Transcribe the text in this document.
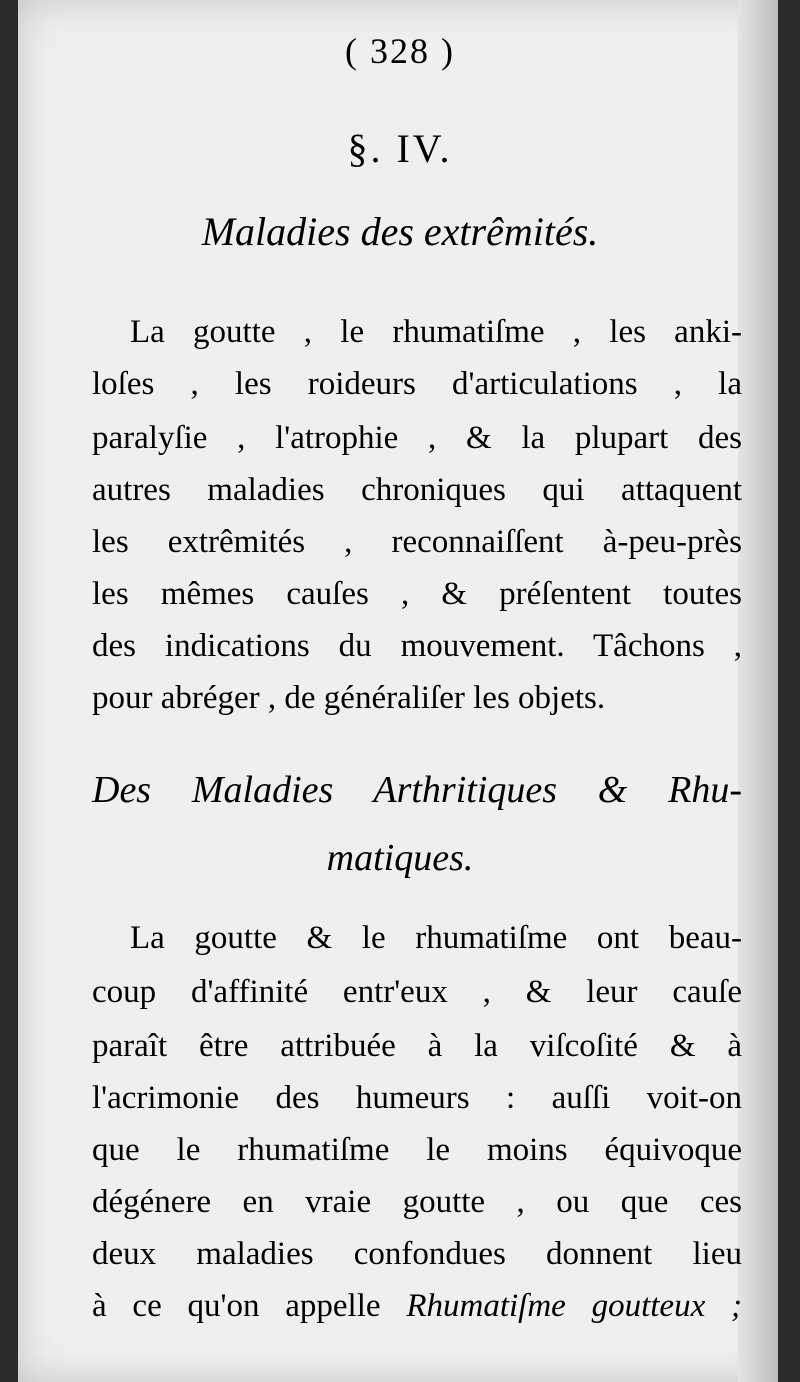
( 328 )
§. IV.
Maladies des extrêmités.
La goutte , le rhumatiſme , les anki-
loſes , les roideurs d'articulations , la
paralyſie , l'atrophie , & la plupart des
autres maladies chroniques qui attaquent
les extrêmités , reconnaiſſent à-peu-près
les mêmes cauſes , & préſentent toutes
des indications du mouvement. Tâchons ,
pour abréger , de généraliſer les objets.
Des Maladies Arthritiques & Rhu-
matiques.
La goutte & le rhumatiſme ont beau-
coup d'affinité entr'eux , & leur cauſe
paraît être attribuée à la viſcoſité & à
l'acrimonie des humeurs : auſſi voit-on
que le rhumatiſme le moins équivoque
dégénere en vraie goutte , ou que ces
deux maladies confondues donnent lieu
à ce qu'on appelle Rhumatiſme goutteux ;
